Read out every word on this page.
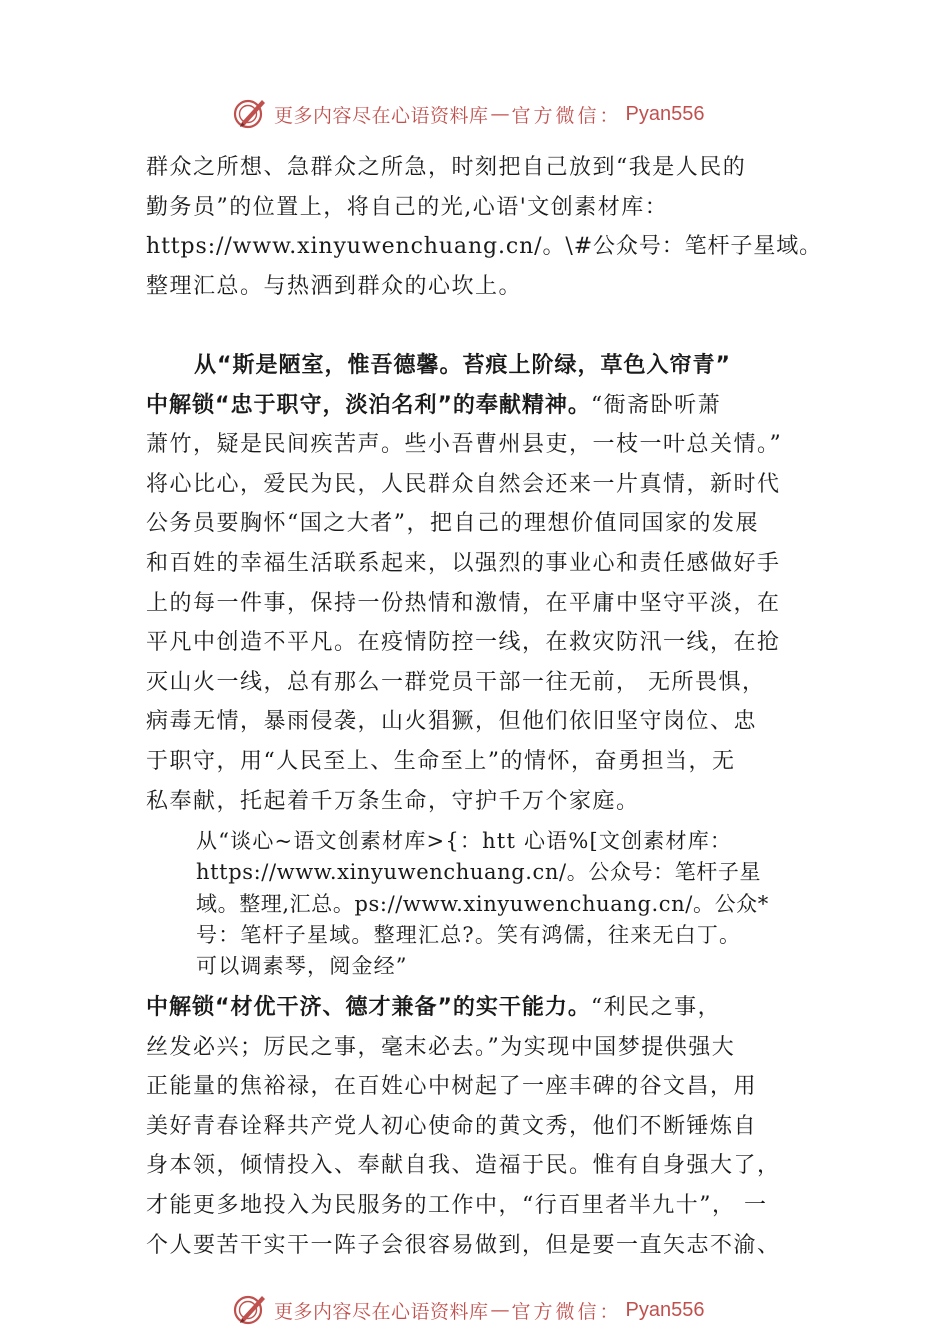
更多内容尽在心语资料库 — 官方微信： Pyan556
群众之所想、急群众之所急，时刻把自己放到“我是人民的
勤务员”的位置上，将自己的光,心语'文创素材库：
https://www.xinyuwenchuang.cn/。\#公众号：笔杆子星域。
整理汇总。与热洒到群众的心坎上。
从“斯是陋室，惟吾德馨。苔痕上阶绿，草色入帘青”
中解锁“忠于职守，淡泊名利”的奉献精神。“衙斋卧听萧
萧竹，疑是民间疾苦声。些小吾曹州县吏，一枝一叶总关情。”
将心比心，爱民为民，人民群众自然会还来一片真情，新时代
公务员要胸怀“国之大者”，把自己的理想价值同国家的发展
和百姓的幸福生活联系起来，以强烈的事业心和责任感做好手
上的每一件事，保持一份热情和激情，在平庸中坚守平淡，在
平凡中创造不平凡。在疫情防控一线，在救灾防汛一线，在抢
灭山火一线，总有那么一群党员干部一往无前， 无所畏惧，
病毒无情，暴雨侵袭，山火猖獗，但他们依旧坚守岗位、忠
于职守，用“人民至上、生命至上”的情怀，奋勇担当，无
私奉献，托起着千万条生命，守护千万个家庭。
从“谈心~语文创素材库>{：htt 心语%[文创素材库：
https://www.xinyuwenchuang.cn/。公众号：笔杆子星
域。整理,汇总。ps://www.xinyuwenchuang.cn/。公众*
号：笔杆子星域。整理汇总?。笑有鸿儒，往来无白丁。
可以调素琴，阅金经”
中解锁“材优干济、德才兼备”的实干能力。“利民之事，
丝发必兴；厉民之事，毫末必去。”为实现中国梦提供强大
正能量的焦裕禄，在百姓心中树起了一座丰碑的谷文昌，用
美好青春诠释共产党人初心使命的黄文秀，他们不断锤炼自
身本领，倾情投入、奉献自我、造福于民。惟有自身强大了，
才能更多地投入为民服务的工作中，“行百里者半九十”， 一
个人要苦干实干一阵子会很容易做到，但是要一直矢志不渝、
更多内容尽在心语资料库 — 官方微信： Pyan556
